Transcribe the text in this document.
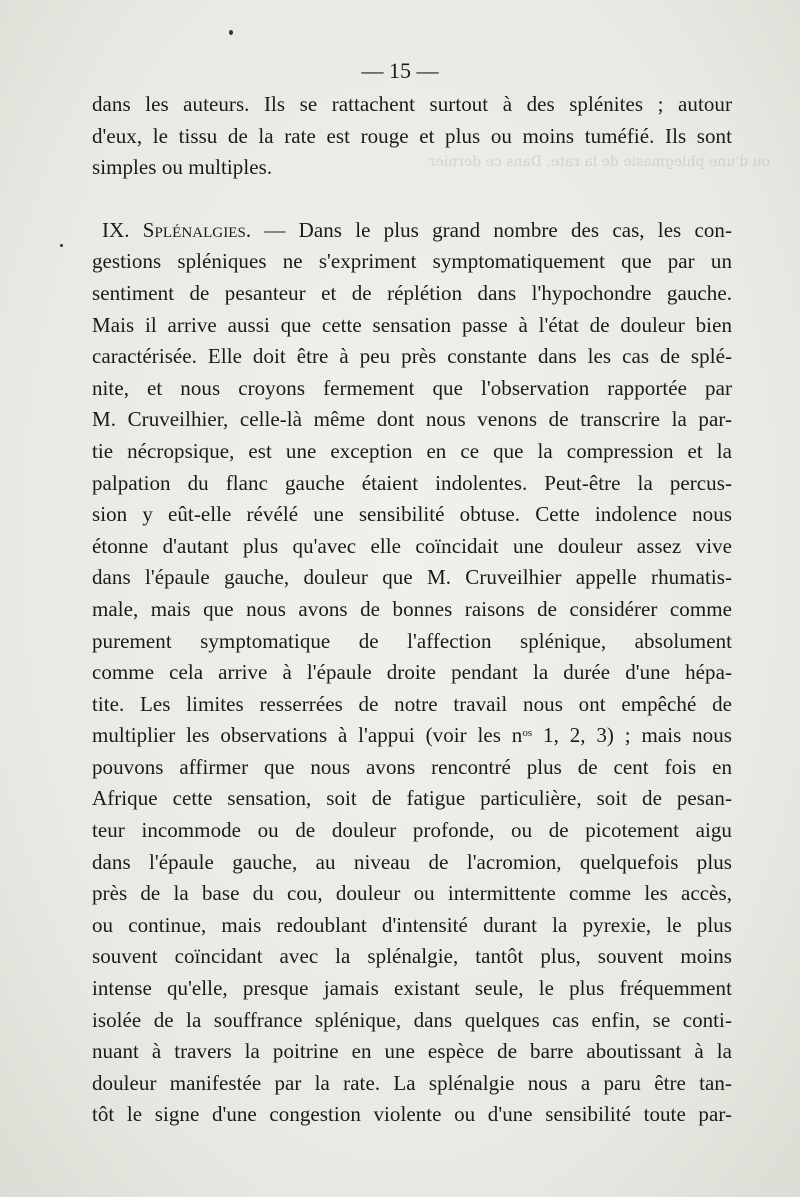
ou d'une phlegmasie de la rate. Dans ce dernier
— 15 —
dans les auteurs. Ils se rattachent surtout à des splénites ; autour
d'eux, le tissu de la rate est rouge et plus ou moins tuméfié. Ils sont
simples ou multiples.
IX. Splénalgies. — Dans le plus grand nombre des cas, les con-
gestions spléniques ne s'expriment symptomatiquement que par un
sentiment de pesanteur et de réplétion dans l'hypochondre gauche.
Mais il arrive aussi que cette sensation passe à l'état de douleur bien
caractérisée. Elle doit être à peu près constante dans les cas de splé-
nite, et nous croyons fermement que l'observation rapportée par
M. Cruveilhier, celle-là même dont nous venons de transcrire la par-
tie nécropsique, est une exception en ce que la compression et la
palpation du flanc gauche étaient indolentes. Peut-être la percus-
sion y eût-elle révélé une sensibilité obtuse. Cette indolence nous
étonne d'autant plus qu'avec elle coïncidait une douleur assez vive
dans l'épaule gauche, douleur que M. Cruveilhier appelle rhumatis-
male, mais que nous avons de bonnes raisons de considérer comme
purement symptomatique de l'affection splénique, absolument
comme cela arrive à l'épaule droite pendant la durée d'une hépa-
tite. Les limites resserrées de notre travail nous ont empêché de
multiplier les observations à l'appui (voir les $n^{os}$ 1, 2, 3) ; mais nous
pouvons affirmer que nous avons rencontré plus de cent fois en
Afrique cette sensation, soit de fatigue particulière, soit de pesan-
teur incommode ou de douleur profonde, ou de picotement aigu
dans l'épaule gauche, au niveau de l'acromion, quelquefois plus
près de la base du cou, douleur ou intermittente comme les accès,
ou continue, mais redoublant d'intensité durant la pyrexie, le plus
souvent coïncidant avec la splénalgie, tantôt plus, souvent moins
intense qu'elle, presque jamais existant seule, le plus fréquemment
isolée de la souffrance splénique, dans quelques cas enfin, se conti-
nuant à travers la poitrine en une espèce de barre aboutissant à la
douleur manifestée par la rate. La splénalgie nous a paru être tan-
tôt le signe d'une congestion violente ou d'une sensibilité toute par-
